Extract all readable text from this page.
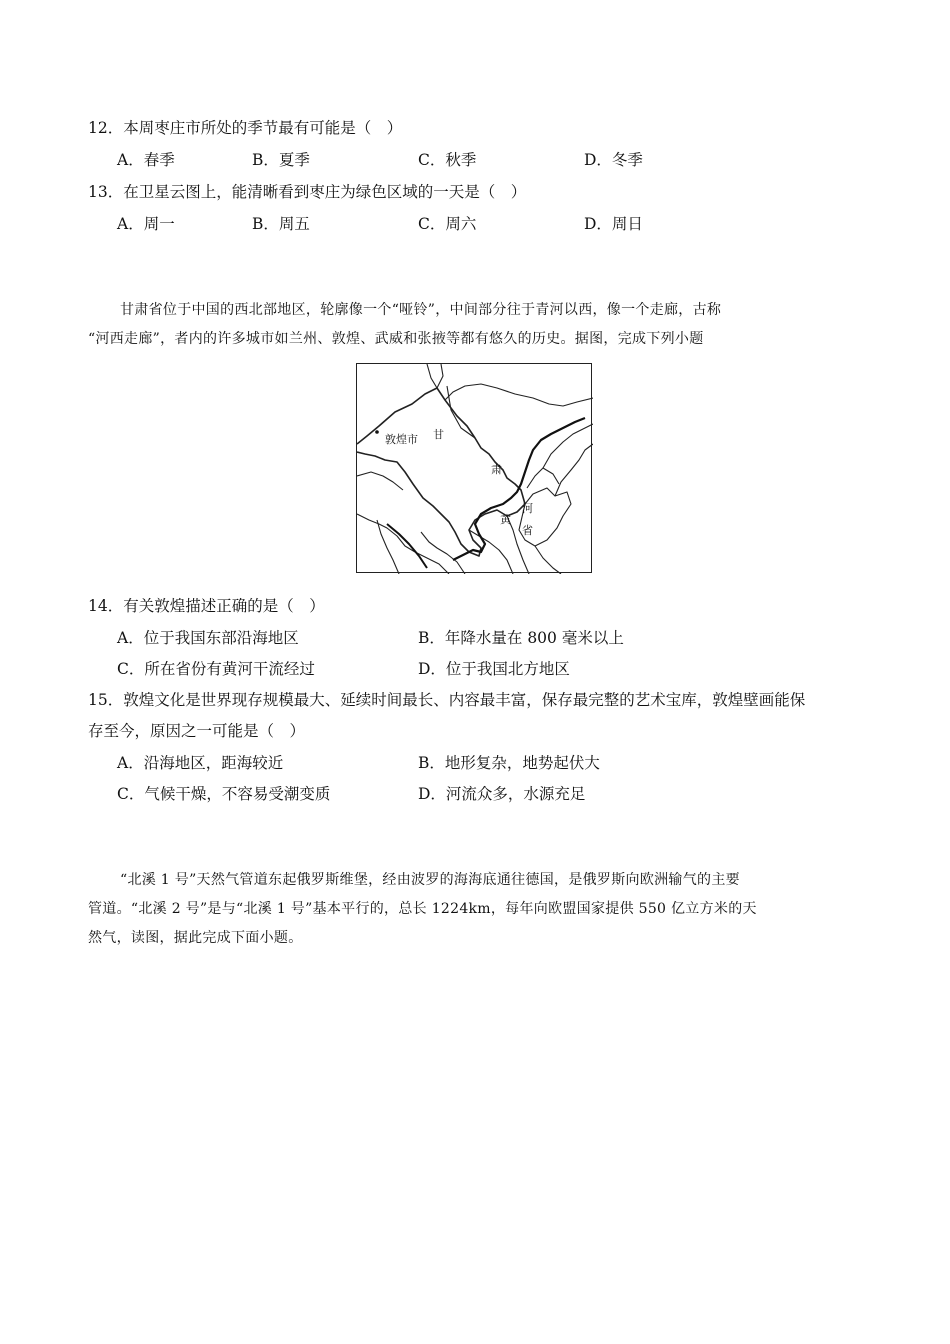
12．本周枣庄市所处的季节最有可能是（　）
A．春季	B．夏季	C．秋季	D．冬季
13．在卫星云图上，能清晰看到枣庄为绿色区域的一天是（　）
A．周一	B．周五	C．周六	D．周日

甘肃省位于中国的西北部地区，轮廓像一个“哑铃”，中间部分往于青河以西，像一个走廊，古称

“河西走廊”，者内的许多城市如兰州、敦煌、武威和张掖等都有悠久的历史。据图，完成下列小题

敦煌市 甘
肃
河
黄
省
14．有关敦煌描述正确的是（　）
A．位于我国东部沿海地区	B．年降水量在 800 毫米以上
C．所在省份有黄河干流经过	D．位于我国北方地区
15．敦煌文化是世界现存规模最大、延续时间最长、内容最丰富，保存最完整的艺术宝库，敦煌壁画能保
存至今，原因之一可能是（　）
A．沿海地区，距海较近	B．地形复杂，地势起伏大
C．气候干燥，不容易受潮变质	D．河流众多，水源充足

“北溪 1 号”天然气管道东起俄罗斯维堡，经由波罗的海海底通往德国，是俄罗斯向欧洲输气的主要

管道。“北溪 2 号”是与“北溪 1 号”基本平行的，总长 1224km，每年向欧盟国家提供 550 亿立方米的天

然气，读图，据此完成下面小题。
